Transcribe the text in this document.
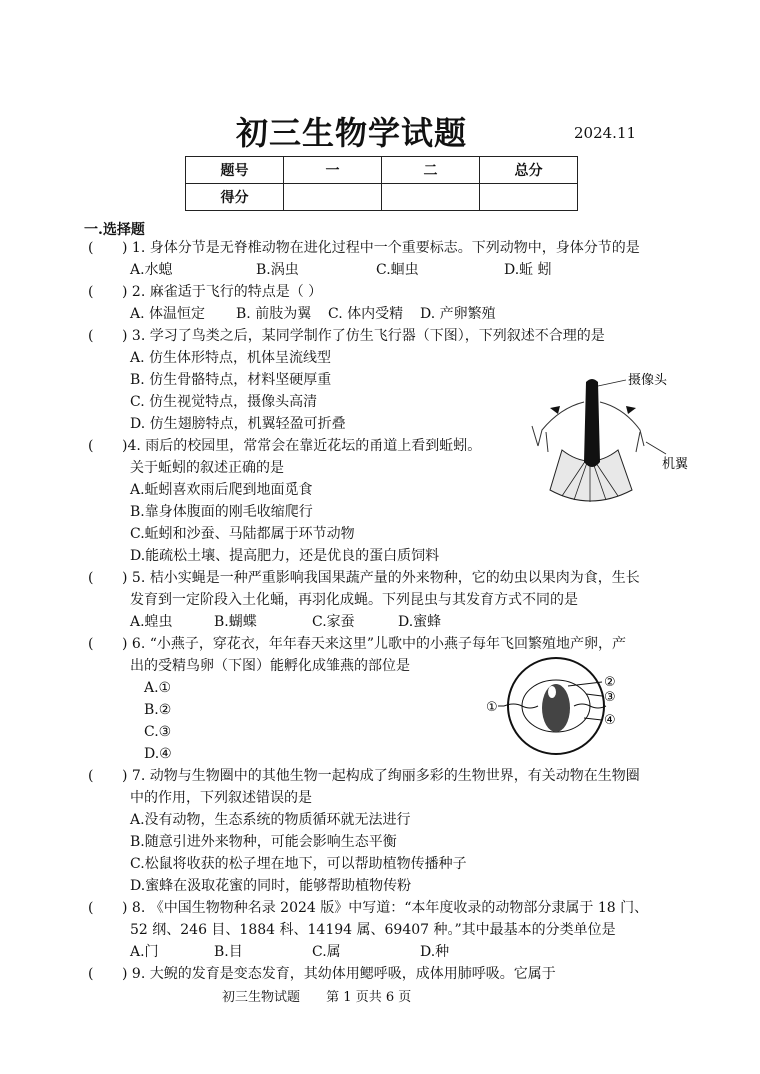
初三生物学试题	2024.11
题号	一	二	总分
得分			
一.选择题
( ) 1. 身体分节是无脊椎动物在进化过程中一个重要标志。下列动物中，身体分节的是
A.水螅	B.涡虫	C.蛔虫	D.蚯 蚓
( ) 2. 麻雀适于飞行的特点是（ ）
A. 体温恒定 B. 前肢为翼 C. 体内受精 D. 产卵繁殖
( ) 3. 学习了鸟类之后，某同学制作了仿生飞行器（下图），下列叙述不合理的是
A. 仿生体形特点，机体呈流线型
B. 仿生骨骼特点，材料坚硬厚重
C. 仿生视觉特点，摄像头高清
D. 仿生翅膀特点，机翼轻盈可折叠
摄像头
机翼
( )4. 雨后的校园里，常常会在靠近花坛的甬道上看到蚯蚓。
关于蚯蚓的叙述正确的是
A.蚯蚓喜欢雨后爬到地面觅食
B.靠身体腹面的刚毛收缩爬行
C.蚯蚓和沙蚕、马陆都属于环节动物
D.能疏松土壤、提高肥力，还是优良的蛋白质饲料
( ) 5. 桔小实蝇是一种严重影响我国果蔬产量的外来物种，它的幼虫以果肉为食，生长
发育到一定阶段入土化蛹，再羽化成蝇。下列昆虫与其发育方式不同的是
A.蝗虫	B.蝴蝶	C.家蚕	D.蜜蜂
( ) 6. “小燕子，穿花衣，年年春天来这里”儿歌中的小燕子每年飞回繁殖地产卵，产
出的受精鸟卵（下图）能孵化成雏燕的部位是
A.①
B.②
C.③
D.④
①
②
③
④
( ) 7. 动物与生物圈中的其他生物一起构成了绚丽多彩的生物世界，有关动物在生物圈
中的作用，下列叙述错误的是
A.没有动物，生态系统的物质循环就无法进行
B.随意引进外来物种，可能会影响生态平衡
C.松鼠将收获的松子埋在地下，可以帮助植物传播种子
D.蜜蜂在汲取花蜜的同时，能够帮助植物传粉
( ) 8. 《中国生物物种名录 2024 版》中写道：“本年度收录的动物部分隶属于 18 门、
52 纲、246 目、1884 科、14194 属、69407 种。”其中最基本的分类单位是
A.门	B.目	C.属	D.种
( ) 9. 大鲵的发育是变态发育，其幼体用鳃呼吸，成体用肺呼吸。它属于
初三生物试题 第 1 页共 6 页
